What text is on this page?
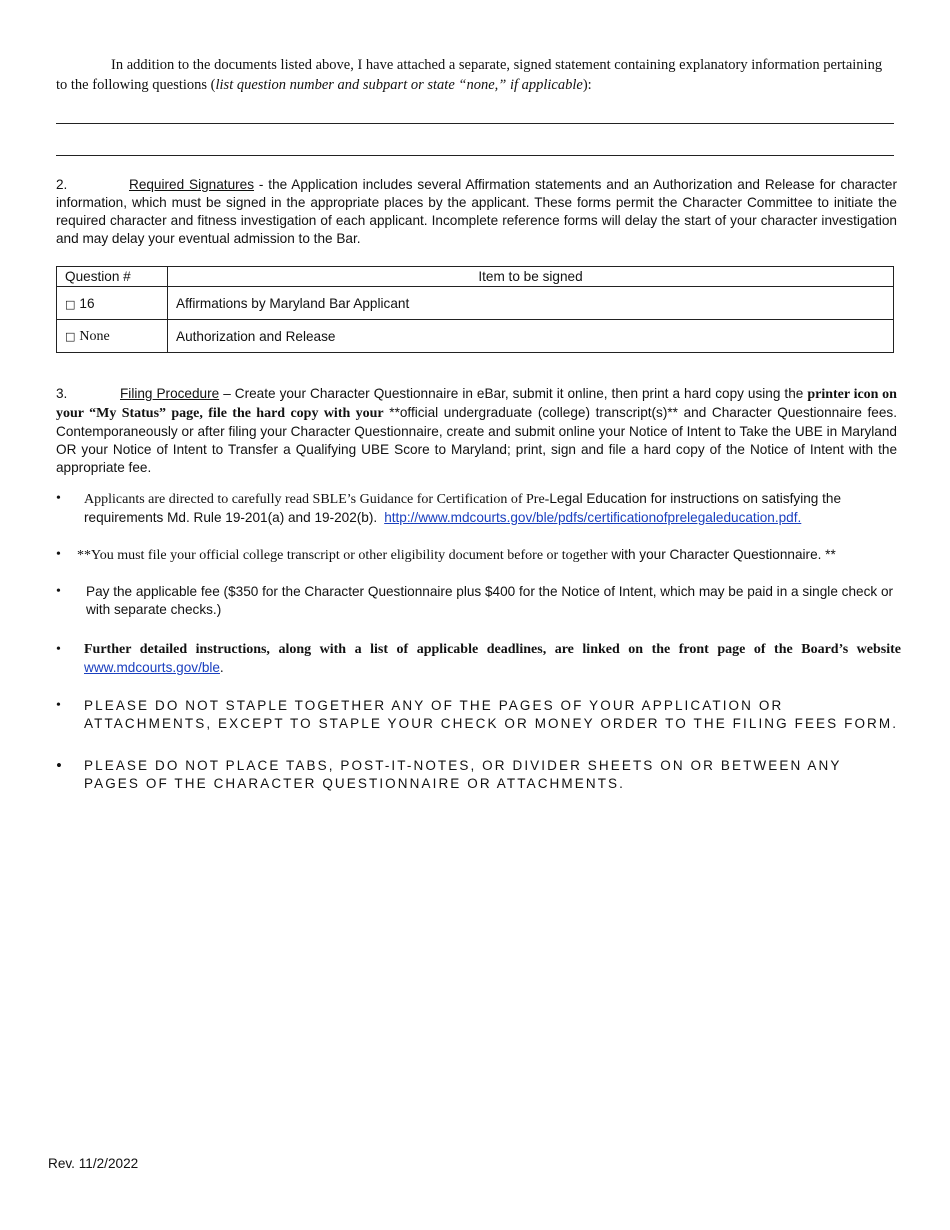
In addition to the documents listed above, I have attached a separate, signed statement containing explanatory information pertaining to the following questions (list question number and subpart or state “none,” if applicable):
2.	Required Signatures - the Application includes several Affirmation statements and an Authorization and Release for character information, which must be signed in the appropriate places by the applicant. These forms permit the Character Committee to initiate the required character and fitness investigation of each applicant. Incomplete reference forms will delay the start of your character investigation and may delay your eventual admission to the Bar.
Question #	Item to be signed
□ 16	Affirmations by Maryland Bar Applicant
□ None	Authorization and Release
3.	Filing Procedure – Create your Character Questionnaire in eBar, submit it online, then print a hard copy using the printer icon on your “My Status” page, file the hard copy with your **official undergraduate (college) transcript(s)** and Character Questionnaire fees. Contemporaneously or after filing your Character Questionnaire, create and submit online your Notice of Intent to Take the UBE in Maryland OR your Notice of Intent to Transfer a Qualifying UBE Score to Maryland; print, sign and file a hard copy of the Notice of Intent with the appropriate fee.
•	Applicants are directed to carefully read SBLE’s Guidance for Certification of Pre-Legal Education for instructions on satisfying the requirements Md. Rule 19-201(a) and 19-202(b). http://www.mdcourts.gov/ble/pdfs/certificationofprelegaleducation.pdf.
•	**You must file your official college transcript or other eligibility document before or together with your Character Questionnaire. **
•	Pay the applicable fee ($350 for the Character Questionnaire plus $400 for the Notice of Intent, which may be paid in a single check or with separate checks.)
•	Further detailed instructions, along with a list of applicable deadlines, are linked on the front page of the Board’s website www.mdcourts.gov/ble.
•	PLEASE DO NOT STAPLE TOGETHER ANY OF THE PAGES OF YOUR APPLICATION OR ATTACHMENTS, EXCEPT TO STAPLE YOUR CHECK OR MONEY ORDER TO THE FILING FEES FORM.
•	PLEASE DO NOT PLACE TABS, POST-IT-NOTES, OR DIVIDER SHEETS ON OR BETWEEN ANY PAGES OF THE CHARACTER QUESTIONNAIRE OR ATTACHMENTS.
Rev. 11/2/2022
